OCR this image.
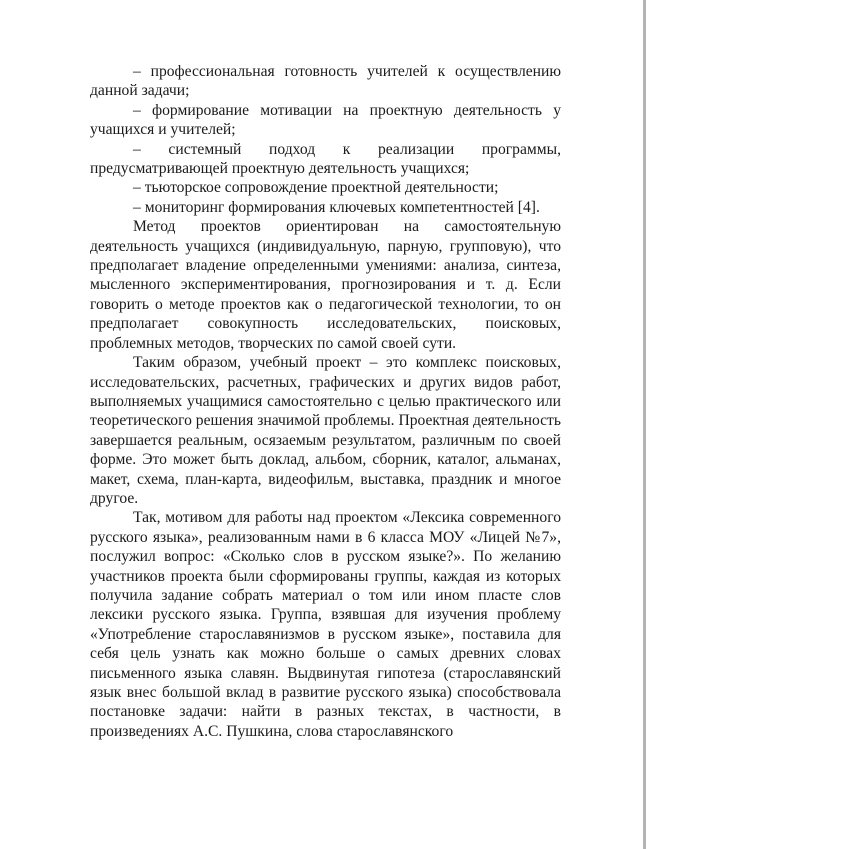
– профессиональная готовность учителей к осуществлению данной задачи;

– формирование мотивации на проектную деятельность у учащихся и учителей;

– системный подход к реализации программы, предусматривающей проектную деятельность учащихся;

– тьюторское сопровождение проектной деятельности;

– мониторинг формирования ключевых компетентностей [4].

Метод проектов ориентирован на самостоятельную деятельность учащихся (индивидуальную, парную, групповую), что предполагает владение определенными умениями: анализа, синтеза, мысленного экспериментирования, прогнозирования и т. д. Если говорить о методе проектов как о педагогической технологии, то он предполагает совокупность исследовательских, поисковых, проблемных методов, творческих по самой своей сути.

Таким образом, учебный проект – это комплекс поисковых, исследовательских, расчетных, графических и других видов работ, выполняемых учащимися самостоятельно с целью практического или теоретического решения значимой проблемы. Проектная деятельность завершается реальным, осязаемым результатом, различным по своей форме. Это может быть доклад, альбом, сборник, каталог, альманах, макет, схема, план-карта, видеофильм, выставка, праздник и многое другое.

Так, мотивом для работы над проектом «Лексика современного русского языка», реализованным нами в 6 класса МОУ «Лицей №7», послужил вопрос: «Сколько слов в русском языке?». По желанию участников проекта были сформированы группы, каждая из которых получила задание собрать материал о том или ином пласте слов лексики русского языка. Группа, взявшая для изучения проблему «Употребление старославянизмов в русском языке», поставила для себя цель узнать как можно больше о самых древних словах письменного языка славян. Выдвинутая гипотеза (старославянский язык внес большой вклад в развитие русского языка) способствовала постановке задачи: найти в разных текстах, в частности, в произведениях А.С. Пушкина, слова старославянского
